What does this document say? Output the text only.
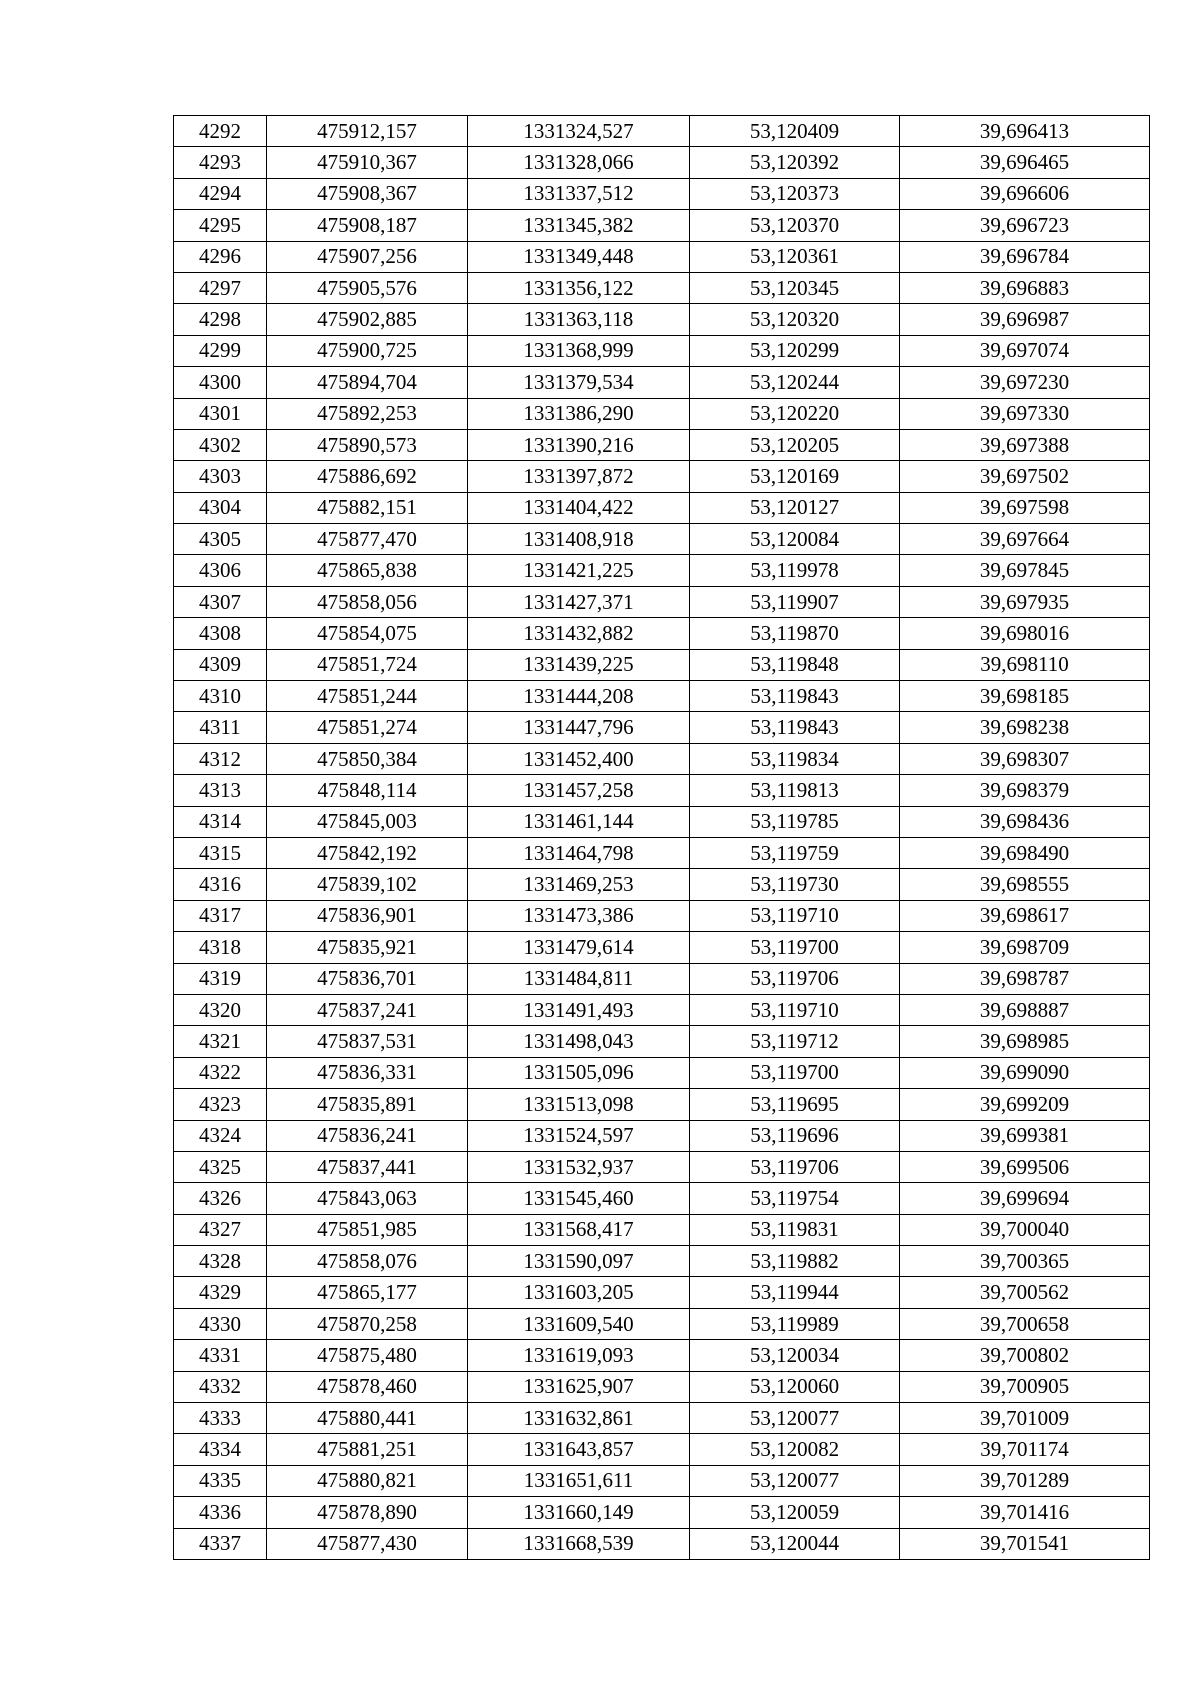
4292	475912,157	1331324,527	53,120409	39,696413
4293	475910,367	1331328,066	53,120392	39,696465
4294	475908,367	1331337,512	53,120373	39,696606
4295	475908,187	1331345,382	53,120370	39,696723
4296	475907,256	1331349,448	53,120361	39,696784
4297	475905,576	1331356,122	53,120345	39,696883
4298	475902,885	1331363,118	53,120320	39,696987
4299	475900,725	1331368,999	53,120299	39,697074
4300	475894,704	1331379,534	53,120244	39,697230
4301	475892,253	1331386,290	53,120220	39,697330
4302	475890,573	1331390,216	53,120205	39,697388
4303	475886,692	1331397,872	53,120169	39,697502
4304	475882,151	1331404,422	53,120127	39,697598
4305	475877,470	1331408,918	53,120084	39,697664
4306	475865,838	1331421,225	53,119978	39,697845
4307	475858,056	1331427,371	53,119907	39,697935
4308	475854,075	1331432,882	53,119870	39,698016
4309	475851,724	1331439,225	53,119848	39,698110
4310	475851,244	1331444,208	53,119843	39,698185
4311	475851,274	1331447,796	53,119843	39,698238
4312	475850,384	1331452,400	53,119834	39,698307
4313	475848,114	1331457,258	53,119813	39,698379
4314	475845,003	1331461,144	53,119785	39,698436
4315	475842,192	1331464,798	53,119759	39,698490
4316	475839,102	1331469,253	53,119730	39,698555
4317	475836,901	1331473,386	53,119710	39,698617
4318	475835,921	1331479,614	53,119700	39,698709
4319	475836,701	1331484,811	53,119706	39,698787
4320	475837,241	1331491,493	53,119710	39,698887
4321	475837,531	1331498,043	53,119712	39,698985
4322	475836,331	1331505,096	53,119700	39,699090
4323	475835,891	1331513,098	53,119695	39,699209
4324	475836,241	1331524,597	53,119696	39,699381
4325	475837,441	1331532,937	53,119706	39,699506
4326	475843,063	1331545,460	53,119754	39,699694
4327	475851,985	1331568,417	53,119831	39,700040
4328	475858,076	1331590,097	53,119882	39,700365
4329	475865,177	1331603,205	53,119944	39,700562
4330	475870,258	1331609,540	53,119989	39,700658
4331	475875,480	1331619,093	53,120034	39,700802
4332	475878,460	1331625,907	53,120060	39,700905
4333	475880,441	1331632,861	53,120077	39,701009
4334	475881,251	1331643,857	53,120082	39,701174
4335	475880,821	1331651,611	53,120077	39,701289
4336	475878,890	1331660,149	53,120059	39,701416
4337	475877,430	1331668,539	53,120044	39,701541
